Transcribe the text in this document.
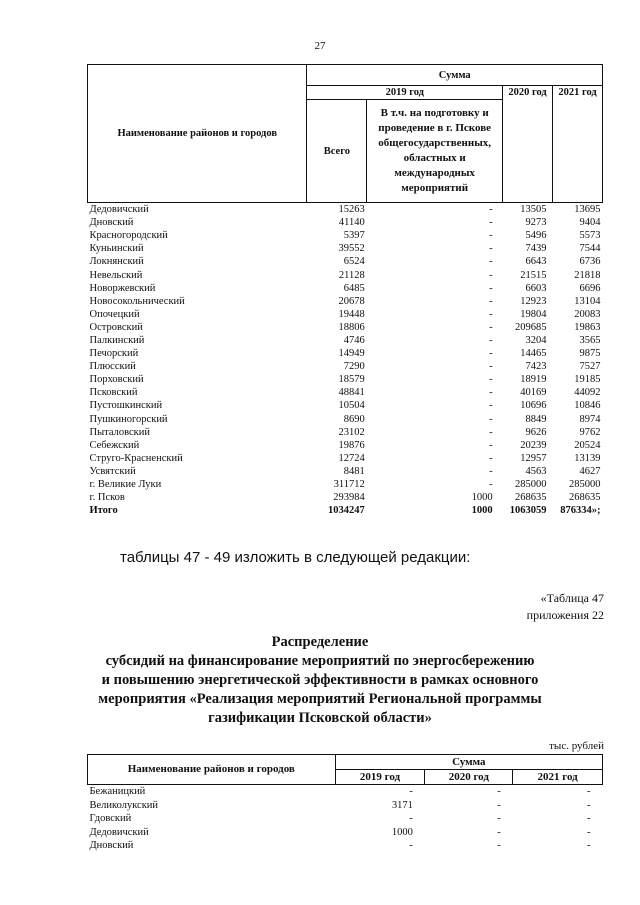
27
Наименование районов и городов	Сумма			
	2019 год		2020 год	2021 год
	Всего	В т.ч. на подготовку и проведение в г. Пскове общегосударственных, областных и международных мероприятий		
Дедовичский	15263	-	13505	13695
Дновский	41140	-	9273	9404
Красногородский	5397	-	5496	5573
Куньинский	39552	-	7439	7544
Локнянский	6524	-	6643	6736
Невельский	21128	-	21515	21818
Новоржевский	6485	-	6603	6696
Новосокольнический	20678	-	12923	13104
Опочецкий	19448	-	19804	20083
Островский	18806	-	209685	19863
Палкинский	4746	-	3204	3565
Печорский	14949	-	14465	9875
Плюсский	7290	-	7423	7527
Порховский	18579	-	18919	19185
Псковский	48841	-	40169	44092
Пустошкинский	10504	-	10696	10846
Пушкиногорский	8690	-	8849	8974
Пыталовский	23102	-	9626	9762
Себежский	19876	-	20239	20524
Струго-Красненский	12724	-	12957	13139
Усвятский	8481	-	4563	4627
г. Великие Луки	311712	-	285000	285000
г. Псков	293984	1000	268635	268635
Итого	1034247	1000	1063059	876334»;
таблицы 47 - 49 изложить в следующей редакции:
«Таблица 47
приложения 22
Распределение
субсидий на финансирование мероприятий по энергосбережению
и повышению энергетической эффективности в рамках основного
мероприятия «Реализация мероприятий Региональной программы
газификации Псковской области»
тыс. рублей
Наименование районов и городов	Сумма		
	2019 год	2020 год	2021 год
Бежаницкий	-	-	-
Великолукский	3171	-	-
Гдовский	-	-	-
Дедовичский	1000	-	-
Дновский	-	-	-
